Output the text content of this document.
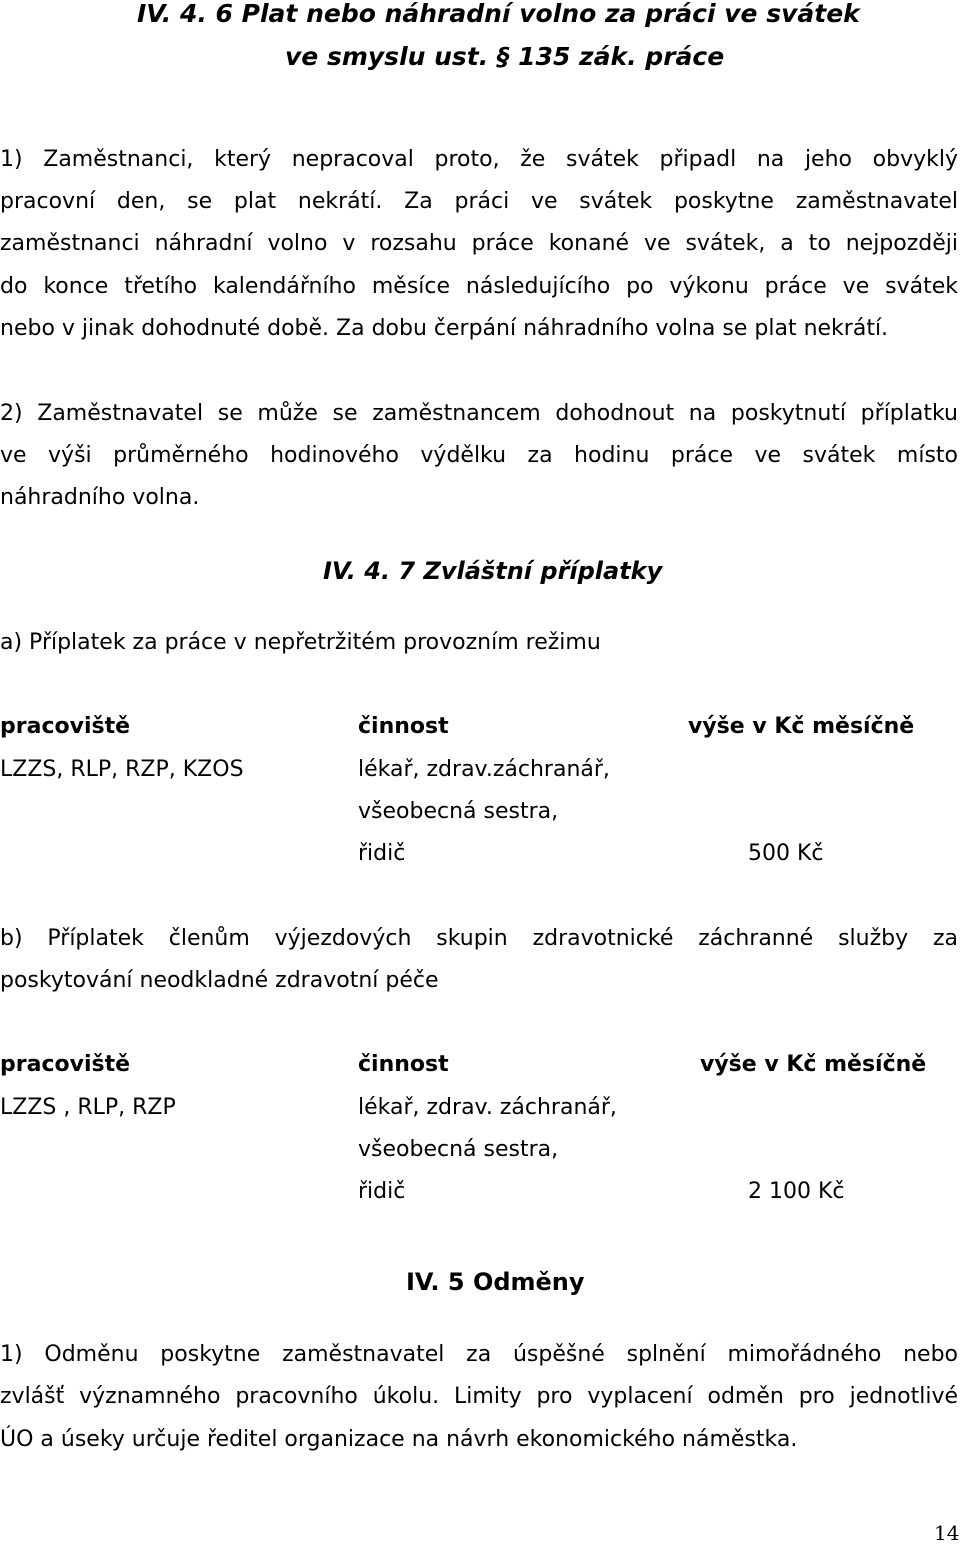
IV. 4. 6 Plat nebo náhradní volno za práci ve svátek
ve smyslu ust. § 135 zák. práce
1) Zaměstnanci, který nepracoval proto, že svátek připadl na jeho obvyklý
pracovní den, se plat nekrátí. Za práci ve svátek poskytne zaměstnavatel
zaměstnanci náhradní volno v rozsahu práce konané ve svátek, a to nejpozději
do konce třetího kalendářního měsíce následujícího po výkonu práce ve svátek
nebo v jinak dohodnuté době. Za dobu čerpání náhradního volna se plat nekrátí.
2) Zaměstnavatel se může se zaměstnancem dohodnout na poskytnutí příplatku
ve výši průměrného hodinového výdělku za hodinu práce ve svátek místo
náhradního volna.
IV. 4. 7 Zvláštní příplatky
a) Příplatek za práce v nepřetržitém provozním režimu
pracoviště	činnost	výše v Kč měsíčně
LZZS, RLP, RZP, KZOS	lékař, zdrav.záchranář,
všeobecná sestra,
řidič	500 Kč
b) Příplatek členům výjezdových skupin zdravotnické záchranné služby za
poskytování neodkladné zdravotní péče
pracoviště	činnost	výše v Kč měsíčně
LZZS , RLP, RZP	lékař, zdrav. záchranář,
všeobecná sestra,
řidič	2 100 Kč
IV. 5 Odměny
1) Odměnu poskytne zaměstnavatel za úspěšné splnění mimořádného nebo
zvlášť významného pracovního úkolu. Limity pro vyplacení odměn pro jednotlivé
ÚO a úseky určuje ředitel organizace na návrh ekonomického náměstka.
14
